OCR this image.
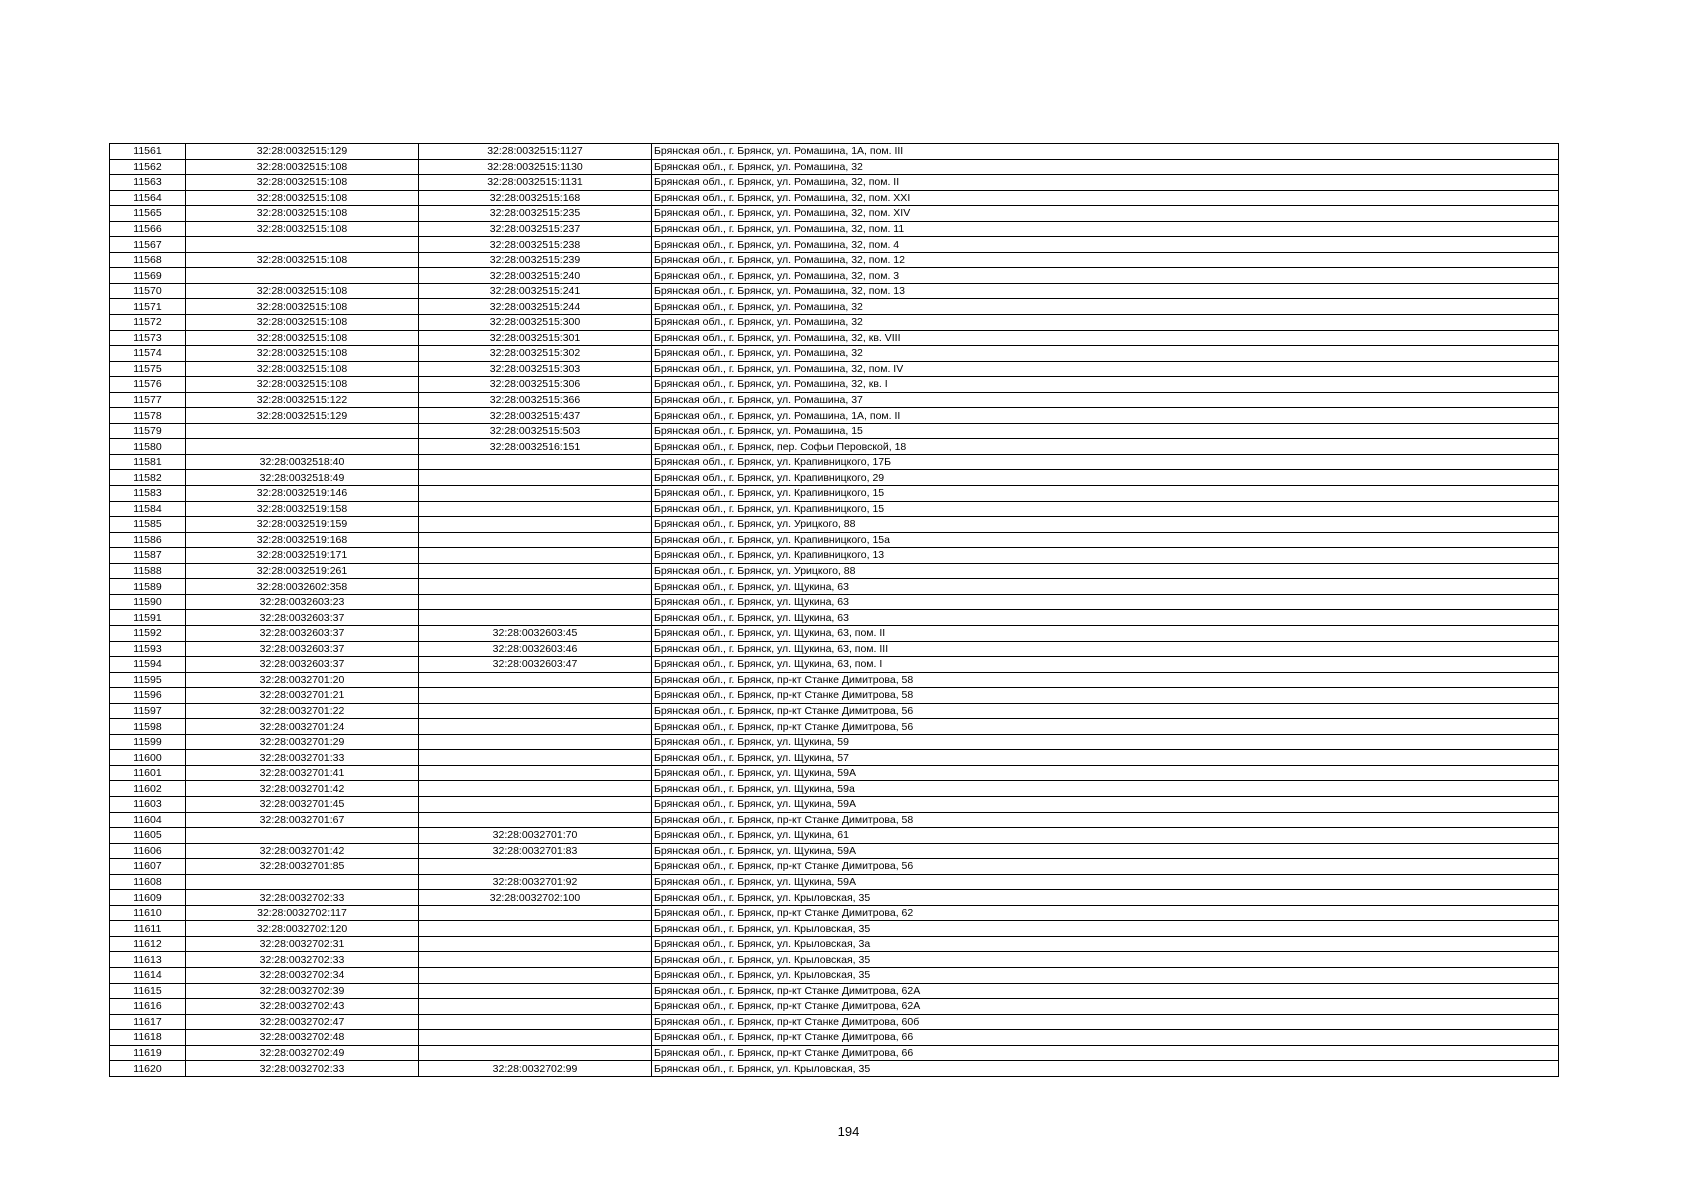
11561	32:28:0032515:129	32:28:0032515:1127	Брянская обл., г. Брянск, ул. Ромашина, 1А, пом. III
11562	32:28:0032515:108	32:28:0032515:1130	Брянская обл., г. Брянск, ул. Ромашина, 32
11563	32:28:0032515:108	32:28:0032515:1131	Брянская обл., г. Брянск, ул. Ромашина, 32, пом. II
11564	32:28:0032515:108	32:28:0032515:168	Брянская обл., г. Брянск, ул. Ромашина, 32, пом. XXI
11565	32:28:0032515:108	32:28:0032515:235	Брянская обл., г. Брянск, ул. Ромашина, 32, пом. XIV
11566	32:28:0032515:108	32:28:0032515:237	Брянская обл., г. Брянск, ул. Ромашина, 32, пом. 11
11567		32:28:0032515:238	Брянская обл., г. Брянск, ул. Ромашина, 32, пом. 4
11568	32:28:0032515:108	32:28:0032515:239	Брянская обл., г. Брянск, ул. Ромашина, 32, пом. 12
11569		32:28:0032515:240	Брянская обл., г. Брянск, ул. Ромашина, 32, пом. 3
11570	32:28:0032515:108	32:28:0032515:241	Брянская обл., г. Брянск, ул. Ромашина, 32, пом. 13
11571	32:28:0032515:108	32:28:0032515:244	Брянская обл., г. Брянск, ул. Ромашина, 32
11572	32:28:0032515:108	32:28:0032515:300	Брянская обл., г. Брянск, ул. Ромашина, 32
11573	32:28:0032515:108	32:28:0032515:301	Брянская обл., г. Брянск, ул. Ромашина, 32, кв. VIII
11574	32:28:0032515:108	32:28:0032515:302	Брянская обл., г. Брянск, ул. Ромашина, 32
11575	32:28:0032515:108	32:28:0032515:303	Брянская обл., г. Брянск, ул. Ромашина, 32, пом. IV
11576	32:28:0032515:108	32:28:0032515:306	Брянская обл., г. Брянск, ул. Ромашина, 32, кв. I
11577	32:28:0032515:122	32:28:0032515:366	Брянская обл., г. Брянск, ул. Ромашина, 37
11578	32:28:0032515:129	32:28:0032515:437	Брянская обл., г. Брянск, ул. Ромашина, 1А, пом. II
11579		32:28:0032515:503	Брянская обл., г. Брянск, ул. Ромашина, 15
11580		32:28:0032516:151	Брянская обл., г. Брянск, пер. Софьи Перовской, 18
11581	32:28:0032518:40		Брянская обл., г. Брянск, ул. Крапивницкого, 17Б
11582	32:28:0032518:49		Брянская обл., г. Брянск, ул. Крапивницкого, 29
11583	32:28:0032519:146		Брянская обл., г. Брянск, ул. Крапивницкого, 15
11584	32:28:0032519:158		Брянская обл., г. Брянск, ул. Крапивницкого, 15
11585	32:28:0032519:159		Брянская обл., г. Брянск, ул. Урицкого, 88
11586	32:28:0032519:168		Брянская обл., г. Брянск, ул. Крапивницкого, 15а
11587	32:28:0032519:171		Брянская обл., г. Брянск, ул. Крапивницкого, 13
11588	32:28:0032519:261		Брянская обл., г. Брянск, ул. Урицкого, 88
11589	32:28:0032602:358		Брянская обл., г. Брянск, ул. Щукина, 63
11590	32:28:0032603:23		Брянская обл., г. Брянск, ул. Щукина, 63
11591	32:28:0032603:37		Брянская обл., г. Брянск, ул. Щукина, 63
11592	32:28:0032603:37	32:28:0032603:45	Брянская обл., г. Брянск, ул. Щукина, 63, пом. II
11593	32:28:0032603:37	32:28:0032603:46	Брянская обл., г. Брянск, ул. Щукина, 63, пом. III
11594	32:28:0032603:37	32:28:0032603:47	Брянская обл., г. Брянск, ул. Щукина, 63, пом. I
11595	32:28:0032701:20		Брянская обл., г. Брянск, пр-кт Станке Димитрова, 58
11596	32:28:0032701:21		Брянская обл., г. Брянск, пр-кт Станке Димитрова, 58
11597	32:28:0032701:22		Брянская обл., г. Брянск, пр-кт Станке Димитрова, 56
11598	32:28:0032701:24		Брянская обл., г. Брянск, пр-кт Станке Димитрова, 56
11599	32:28:0032701:29		Брянская обл., г. Брянск, ул. Щукина, 59
11600	32:28:0032701:33		Брянская обл., г. Брянск, ул. Щукина, 57
11601	32:28:0032701:41		Брянская обл., г. Брянск, ул. Щукина, 59А
11602	32:28:0032701:42		Брянская обл., г. Брянск, ул. Щукина, 59а
11603	32:28:0032701:45		Брянская обл., г. Брянск, ул. Щукина, 59А
11604	32:28:0032701:67		Брянская обл., г. Брянск, пр-кт Станке Димитрова, 58
11605		32:28:0032701:70	Брянская обл., г. Брянск, ул. Щукина, 61
11606	32:28:0032701:42	32:28:0032701:83	Брянская обл., г. Брянск, ул. Щукина, 59А
11607	32:28:0032701:85		Брянская обл., г. Брянск, пр-кт Станке Димитрова, 56
11608		32:28:0032701:92	Брянская обл., г. Брянск, ул. Щукина, 59А
11609	32:28:0032702:33	32:28:0032702:100	Брянская обл., г. Брянск, ул. Крыловская, 35
11610	32:28:0032702:117		Брянская обл., г. Брянск, пр-кт Станке Димитрова, 62
11611	32:28:0032702:120		Брянская обл., г. Брянск, ул. Крыловская, 35
11612	32:28:0032702:31		Брянская обл., г. Брянск, ул. Крыловская, 3а
11613	32:28:0032702:33		Брянская обл., г. Брянск, ул. Крыловская, 35
11614	32:28:0032702:34		Брянская обл., г. Брянск, ул. Крыловская, 35
11615	32:28:0032702:39		Брянская обл., г. Брянск, пр-кт Станке Димитрова, 62А
11616	32:28:0032702:43		Брянская обл., г. Брянск, пр-кт Станке Димитрова, 62А
11617	32:28:0032702:47		Брянская обл., г. Брянск, пр-кт Станке Димитрова, 60б
11618	32:28:0032702:48		Брянская обл., г. Брянск, пр-кт Станке Димитрова, 66
11619	32:28:0032702:49		Брянская обл., г. Брянск, пр-кт Станке Димитрова, 66
11620	32:28:0032702:33	32:28:0032702:99	Брянская обл., г. Брянск, ул. Крыловская, 35
194
